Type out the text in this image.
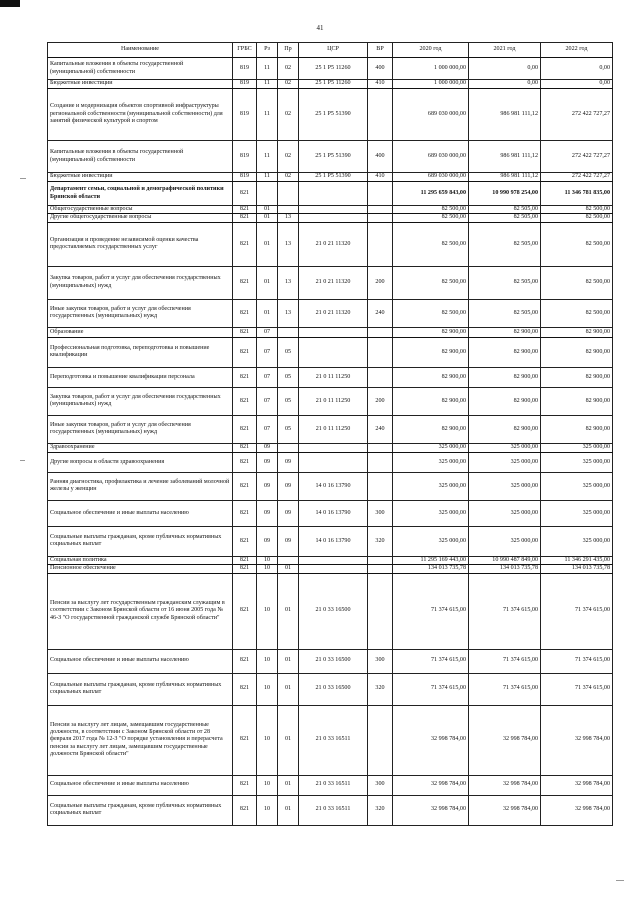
41
Наименование	ГРБС	Рз	Пр	ЦСР	ВР	2020 год	2021 год	2022 год
Капитальные вложения в объекты государственной (муниципальной) собственности	819	11	02	25 1 P5 11260	400	1 000 000,00	0,00	0,00
Бюджетные инвестиции	819	11	02	25 1 P5 11260	410	1 000 000,00	0,00	0,00
Создание и модернизация объектов спортивной инфраструктуры региональной собственности (муниципальной собственности) для занятий физической культурой и спортом	819	11	02	25 1 P5 51390		689 030 000,00	986 981 111,12	272 422 727,27
Капитальные вложения в объекты государственной (муниципальной) собственности	819	11	02	25 1 P5 51390	400	689 030 000,00	986 981 111,12	272 422 727,27
Бюджетные инвестиции	819	11	02	25 1 P5 51390	410	689 030 000,00	986 981 111,12	272 422 727,27
Департамент семьи, социальной и демографической политики Брянской области	821					11 295 659 843,00	10 990 978 254,00	11 346 781 835,00
Общегосударственные вопросы	821	01				82 500,00	82 505,00	82 500,00
Другие общегосударственные вопросы	821	01	13			82 500,00	82 505,00	82 500,00
Организация и проведение независимой оценки качества предоставляемых государственных услуг	821	01	13	21 0 21 11320		82 500,00	82 505,00	82 500,00
Закупка товаров, работ и услуг для обеспечения государственных (муниципальных) нужд	821	01	13	21 0 21 11320	200	82 500,00	82 505,00	82 500,00
Иные закупки товаров, работ и услуг для обеспечения государственных (муниципальных) нужд	821	01	13	21 0 21 11320	240	82 500,00	82 505,00	82 500,00
Образование	821	07				82 900,00	82 900,00	82 900,00
Профессиональная подготовка, переподготовка и повышение квалификации	821	07	05			82 900,00	82 900,00	82 900,00
Переподготовка и повышение квалификации персонала	821	07	05	21 0 11 11250		82 900,00	82 900,00	82 900,00
Закупка товаров, работ и услуг для обеспечения государственных (муниципальных) нужд	821	07	05	21 0 11 11250	200	82 900,00	82 900,00	82 900,00
Иные закупки товаров, работ и услуг для обеспечения государственных (муниципальных) нужд	821	07	05	21 0 11 11250	240	82 900,00	82 900,00	82 900,00
Здравоохранение	821	09				325 000,00	325 000,00	325 000,00
Другие вопросы в области здравоохранения	821	09	09			325 000,00	325 000,00	325 000,00
Ранняя диагностика, профилактика и лечение заболеваний молочной железы у женщин	821	09	09	14 0 16 13790		325 000,00	325 000,00	325 000,00
Социальное обеспечение и иные выплаты населению	821	09	09	14 0 16 13790	300	325 000,00	325 000,00	325 000,00
Социальные выплаты гражданам, кроме публичных нормативных социальных выплат	821	09	09	14 0 16 13790	320	325 000,00	325 000,00	325 000,00
Социальная политика	821	10				11 295 169 443,00	10 990 487 849,00	11 346 291 435,00
Пенсионное обеспечение	821	10	01			134 013 735,78	134 013 735,78	134 013 735,78
Пенсии за выслугу лет государственным гражданским служащим в соответствии с Законом Брянской области от 16 июня 2005 года № 46-З "О государственной гражданской службе Брянской области"	821	10	01	21 0 33 16500		71 374 615,00	71 374 615,00	71 374 615,00
Социальное обеспечение и иные выплаты населению	821	10	01	21 0 33 16500	300	71 374 615,00	71 374 615,00	71 374 615,00
Социальные выплаты гражданам, кроме публичных нормативных социальных выплат	821	10	01	21 0 33 16500	320	71 374 615,00	71 374 615,00	71 374 615,00
Пенсии за выслугу лет лицам, замещавшим государственные должности, в соответствии с Законом Брянской области от 28 февраля 2017 года № 12-З "О порядке установления и перерасчета пенсии за выслугу лет лицам, замещавшим государственные должности Брянской области"	821	10	01	21 0 33 16511		32 998 784,00	32 998 784,00	32 998 784,00
Социальное обеспечение и иные выплаты населению	821	10	01	21 0 33 16511	300	32 998 784,00	32 998 784,00	32 998 784,00
Социальные выплаты гражданам, кроме публичных нормативных социальных выплат	821	10	01	21 0 33 16511	320	32 998 784,00	32 998 784,00	32 998 784,00
